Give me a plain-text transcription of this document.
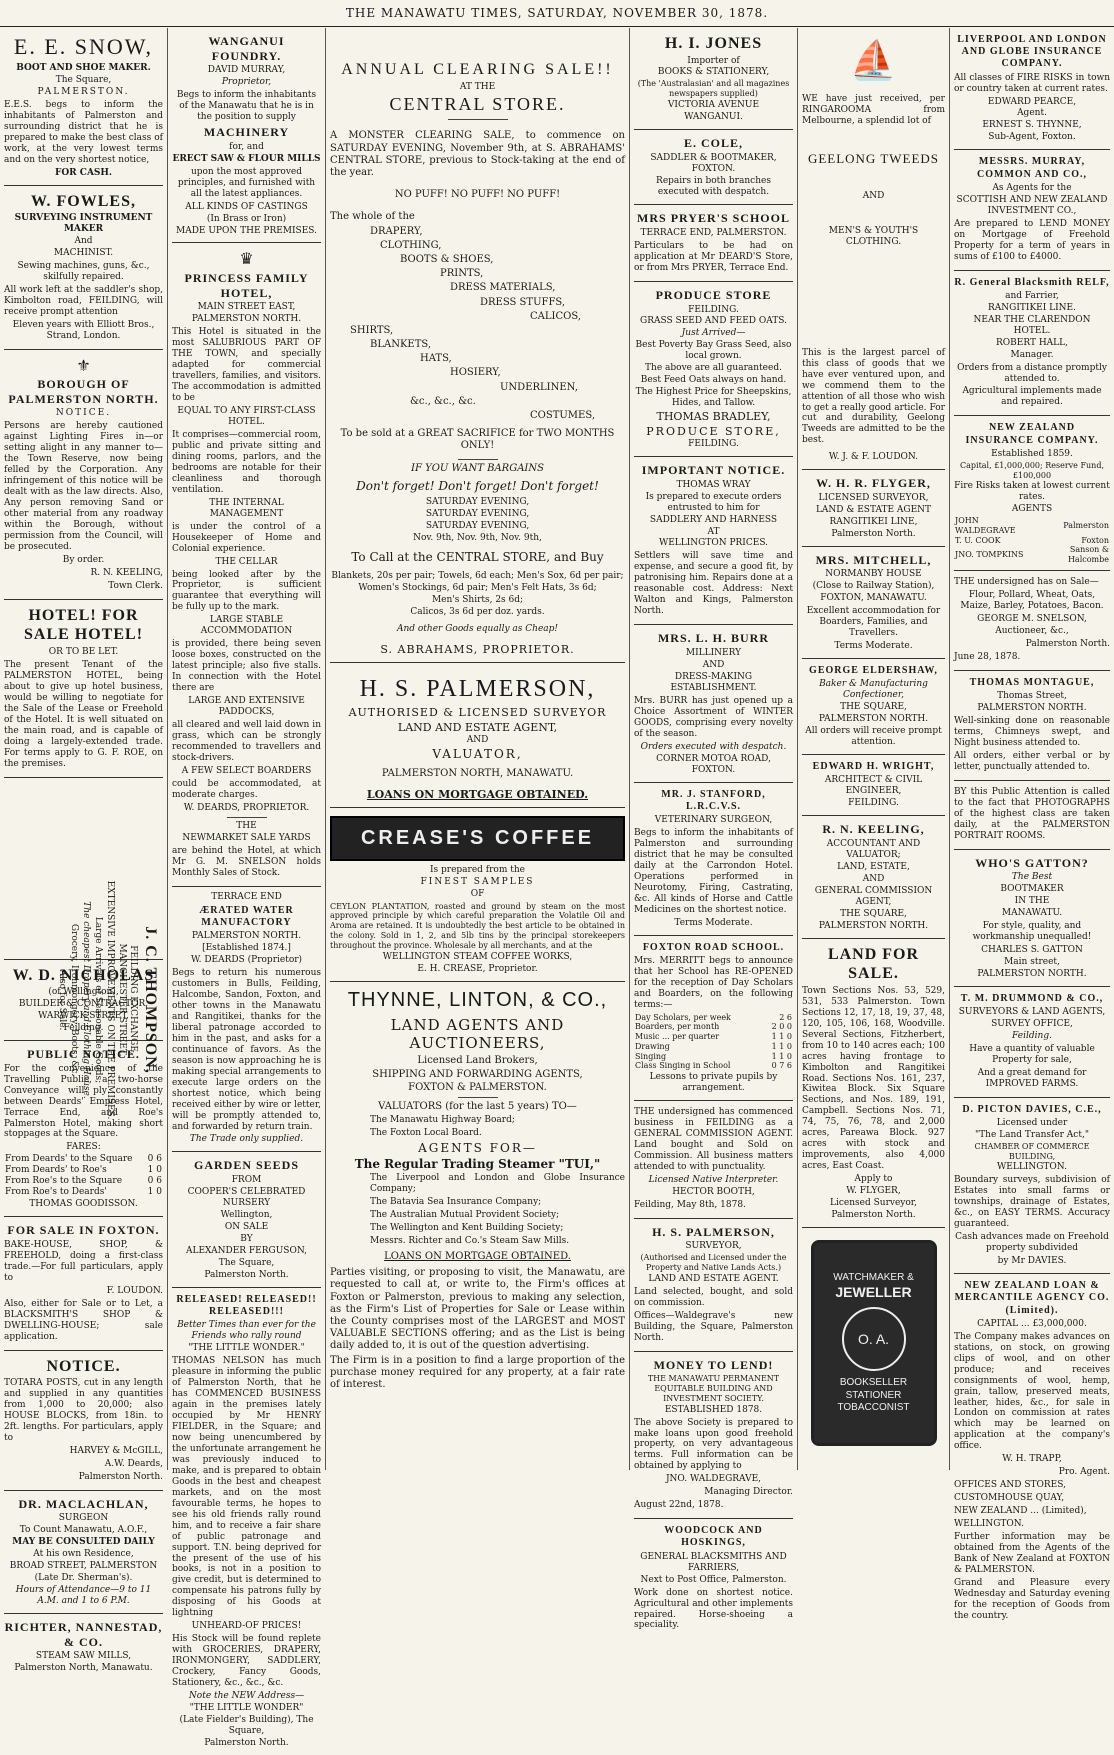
THE MANAWATU TIMES, SATURDAY, NOVEMBER 30, 1878.
E. E. SNOW,
BOOT AND SHOE MAKER.
The Square,
PALMERSTON.
E.E.S. begs to inform the inhabitants of Palmerston and surrounding district that he is prepared to make the best class of work, at the very lowest terms and on the very shortest notice,
FOR CASH.
W. FOWLES,
SURVEYING INSTRUMENT MAKER
And
MACHINIST.
Sewing machines, guns, &c., skilfully repaired.
All work left at the saddler's shop, Kimbolton road, FEILDING, will receive prompt attention
Eleven years with Elliott Bros., Strand, London.
⚜
BOROUGH OF PALMERSTON NORTH.
NOTICE.
Persons are hereby cautioned against Lighting Fires in—or setting alight in any manner to—the Town Reserve, now being felled by the Corporation. Any infringement of this notice will be dealt with as the law directs. Also, Any person removing Sand or other material from any roadway within the Borough, without permission from the Council, will be prosecuted.
By order.
R. N. KEELING,
Town Clerk.
HOTEL! FOR SALE HOTEL!
OR TO BE LET.
The present Tenant of the PALMERSTON HOTEL, being about to give up hotel business, would be willing to negotiate for the Sale of the Lease or Freehold of the Hotel. It is well situated on the main road, and is capable of doing a largely-extended trade. For terms apply to G. F. ROE, on the premises.
J. C. THOMPSON,
FEILDING EXCHANGE,
MANCHESTER STREET.
EXTENSIVE IMPROVEMENTS ON THE PREMISES.
Large Arrivals of Seasonable Goods;
The cheapest Drapery and Clothing House.
Grocery, Ironmongery, Boots, &c.
Also for Sale.
W. D. NICHOLAS
(of Wellington),
BUILDER & CONTRACTOR,
WARWICK STREET,
Feilding.
PUBLIC NOTICE.
For the convenience of the Travelling Public, a two-horse Conveyance will ply constantly between Deards' Empress Hotel, Terrace End, and Roe's Palmerston Hotel, making short stoppages at the Square.
FARES:
From Deards' to the Square	0 6
From Deards' to Roe's	1 0
From Roe's to the Square	0 6
From Roe's to Deards'	1 0
THOMAS GOODISSON.
FOR SALE IN FOXTON.
BAKE-HOUSE, SHOP, & FREEHOLD, doing a first-class trade.—For full particulars, apply to
F. LOUDON.
Also, either for Sale or to Let, a BLACKSMITH'S SHOP & DWELLING-HOUSE; sale application.
NOTICE.
TOTARA POSTS, cut in any length and supplied in any quantities from 1,000 to 20,000; also HOUSE BLOCKS, from 18in. to 2ft. lengths. For particulars, apply to
HARVEY & McGILL,
A.W. Deards,
Palmerston North.
DR. MACLACHLAN,
SURGEON
To Count Manawatu, A.O.F.,
MAY BE CONSULTED DAILY
At his own Residence,
BROAD STREET, PALMERSTON
(Late Dr. Sherman's).
Hours of Attendance—9 to 11 A.M. and 1 to 6 P.M.
RICHTER, NANNESTAD, & CO.
STEAM SAW MILLS,
Palmerston North, Manawatu.
WANGANUI FOUNDRY.
DAVID MURRAY,
Proprietor,
Begs to inform the inhabitants of the Manawatu that he is in the position to supply
MACHINERY
for, and
ERECT SAW & FLOUR MILLS
upon the most approved principles, and furnished with all the latest appliances.
ALL KINDS OF CASTINGS
(In Brass or Iron)
MADE UPON THE PREMISES.
♛
PRINCESS FAMILY HOTEL,
MAIN STREET EAST,
PALMERSTON NORTH.
This Hotel is situated in the most SALUBRIOUS PART OF THE TOWN, and specially adapted for commercial travellers, families, and visitors. The accommodation is admitted to be
EQUAL TO ANY FIRST-CLASS HOTEL.
It comprises—commercial room, public and private sitting and dining rooms, parlors, and the bedrooms are notable for their cleanliness and thorough ventilation.
THE INTERNAL MANAGEMENT
is under the control of a Housekeeper of Home and Colonial experience.
THE CELLAR
being looked after by the Proprietor, is sufficient guarantee that everything will be fully up to the mark.
LARGE STABLE ACCOMMODATION
is provided, there being seven loose boxes, constructed on the latest principle; also five stalls. In connection with the Hotel there are
LARGE AND EXTENSIVE PADDOCKS,
all cleared and well laid down in grass, which can be strongly recommended to travellers and stock-drivers.
A FEW SELECT BOARDERS
could be accommodated, at moderate charges.
W. DEARDS, PROPRIETOR.
THE
NEWMARKET SALE YARDS
are behind the Hotel, at which Mr G. M. SNELSON holds Monthly Sales of Stock.
TERRACE END
ÆRATED WATER MANUFACTORY
PALMERSTON NORTH.
[Established 1874.]
W. DEARDS (Proprietor)
Begs to return his numerous customers in Bulls, Feilding, Halcombe, Sandon, Foxton, and other towns in the Manawatu and Rangitikei, thanks for the liberal patronage accorded to him in the past, and asks for a continuance of favors. As the season is now approaching he is making special arrangements to execute large orders on the shortest notice, which being received either by wire or letter, will be promptly attended to, and forwarded by return train.
The Trade only supplied.
GARDEN SEEDS
FROM
COOPER'S CELEBRATED NURSERY
Wellington,
ON SALE
BY
ALEXANDER FERGUSON,
The Square,
Palmerston North.
RELEASED! RELEASED!! RELEASED!!!
Better Times than ever for the Friends who rally round
"THE LITTLE WONDER."
THOMAS NELSON has much pleasure in informing the public of Palmerston North, that he has COMMENCED BUSINESS again in the premises lately occupied by Mr HENRY FIELDER, in the Square; and now being unencumbered by the unfortunate arrangement he was previously induced to make, and is prepared to obtain Goods in the best and cheapest markets, and on the most favourable terms, he hopes to see his old friends rally round him, and to receive a fair share of public patronage and support. T.N. being deprived for the present of the use of his books, is not in a position to give credit, but is determined to compensate his patrons fully by disposing of his Goods at lightning
UNHEARD-OF PRICES!
His Stock will be found replete with GROCERIES, DRAPERY, IRONMONGERY, SADDLERY, Crockery, Fancy Goods, Stationery, &c., &c., &c.
Note the NEW Address—
"THE LITTLE WONDER"
(Late Fielder's Building), The Square,
Palmerston North.
ANNUAL CLEARING SALE!!
AT THE
CENTRAL STORE.
A MONSTER CLEARING SALE, to commence on SATURDAY EVENING, November 9th, at S. ABRAHAMS' CENTRAL STORE, previous to Stock-taking at the end of the year.
NO PUFF! NO PUFF! NO PUFF!
The whole of the
DRAPERY,
CLOTHING,
BOOTS & SHOES,
PRINTS,
DRESS MATERIALS,
DRESS STUFFS,
CALICOS,
SHIRTS,
BLANKETS,
HATS,
HOSIERY,
UNDERLINEN,
&c., &c., &c.
COSTUMES,
To be sold at a GREAT SACRIFICE for TWO MONTHS ONLY!
IF YOU WANT BARGAINS
Don't forget! Don't forget! Don't forget!
SATURDAY EVENING,
SATURDAY EVENING,
SATURDAY EVENING,
Nov. 9th, Nov. 9th, Nov. 9th,
To Call at the CENTRAL STORE, and Buy
Blankets, 20s per pair; Towels, 6d each; Men's Sox, 6d per pair;
Women's Stockings, 6d pair; Men's Felt Hats, 3s 6d;
Men's Shirts, 2s 6d;
Calicos, 3s 6d per doz. yards.
And other Goods equally as Cheap!
S. ABRAHAMS, PROPRIETOR.
H. S. PALMERSON,
AUTHORISED & LICENSED SURVEYOR
LAND AND ESTATE AGENT,
AND
VALUATOR,
PALMERSTON NORTH, MANAWATU.
LOANS ON MORTGAGE OBTAINED.
CREASE'S COFFEE
Is prepared from the
FINEST SAMPLES
OF
CEYLON PLANTATION, roasted and ground by steam on the most approved principle by which careful preparation the Volatile Oil and Aroma are retained. It is undoubtedly the best article to be obtained in the colony. Sold in 1, 2, and 5lb tins by the principal storekeepers throughout the province. Wholesale by all merchants, and at the
WELLINGTON STEAM COFFEE WORKS,
E. H. CREASE, Proprietor.
THYNNE, LINTON, & CO.,
LAND AGENTS AND AUCTIONEERS,
Licensed Land Brokers,
SHIPPING AND FORWARDING AGENTS,
FOXTON & PALMERSTON.
VALUATORS (for the last 5 years) TO—
The Manawatu Highway Board;
The Foxton Local Board.
AGENTS FOR—
The Regular Trading Steamer "TUI,"
The Liverpool and London and Globe Insurance Company;
The Batavia Sea Insurance Company;
The Australian Mutual Provident Society;
The Wellington and Kent Building Society;
Messrs. Richter and Co.'s Steam Saw Mills.
LOANS ON MORTGAGE OBTAINED.
Parties visiting, or proposing to visit, the Manawatu, are requested to call at, or write to, the Firm's offices at Foxton or Palmerston, previous to making any selection, as the Firm's List of Properties for Sale or Lease within the County comprises most of the LARGEST and MOST VALUABLE SECTIONS offering; and as the List is being daily added to, it is out of the question advertising.
The Firm is in a position to find a large proportion of the purchase money required for any property, at a fair rate of interest.
H. I. JONES
Importer of
BOOKS & STATIONERY,
(The 'Australasian' and all magazines newspapers supplied)
VICTORIA AVENUE
WANGANUI.
E. COLE,
SADDLER & BOOTMAKER,
FOXTON.
Repairs in both branches executed with despatch.
MRS PRYER'S SCHOOL
TERRACE END, PALMERSTON.
Particulars to be had on application at Mr DEARD'S Store, or from Mrs PRYER, Terrace End.
PRODUCE STORE
FEILDING.
GRASS SEED AND FEED OATS.
Just Arrived—
Best Poverty Bay Grass Seed, also local grown.
The above are all guaranteed.
Best Feed Oats always on hand.
The Highest Price for Sheepskins, Hides, and Tallow.
THOMAS BRADLEY,
PRODUCE STORE,
FEILDING.
IMPORTANT NOTICE.
THOMAS WRAY
Is prepared to execute orders entrusted to him for
SADDLERY AND HARNESS
AT
WELLINGTON PRICES.
Settlers will save time and expense, and secure a good fit, by patronising him. Repairs done at a reasonable cost. Address: Next Walton and Kings, Palmerston North.
MRS. L. H. BURR
MILLINERY
AND
DRESS-MAKING ESTABLISHMENT.
Mrs. BURR has just opened up a Choice Assortment of WINTER GOODS, comprising every novelty of the season.
Orders executed with despatch.
CORNER MOTOA ROAD, FOXTON.
MR. J. STANFORD, L.R.C.V.S.
VETERINARY SURGEON,
Begs to inform the inhabitants of Palmerston and surrounding district that he may be consulted daily at the Carrondon Hotel. Operations performed in Neurotomy, Firing, Castrating, &c. All kinds of Horse and Cattle Medicines on the shortest notice.
Terms Moderate.
FOXTON ROAD SCHOOL.
Mrs. MERRITT begs to announce that her School has RE-OPENED for the reception of Day Scholars and Boarders, on the following terms:—
Day Scholars, per week	2 6
Boarders, per month	2 0 0
Music ... per quarter	1 1 0
Drawing	1 1 0
Singing	1 1 0
Class Singing in School	0 7 6
Lessons to private pupils by arrangement.
THE undersigned has commenced business in FEILDING as a GENERAL COMMISSION AGENT. Land bought and Sold on Commission. All business matters attended to with punctuality.
Licensed Native Interpreter.
HECTOR BOOTH,
Feilding, May 8th, 1878.
H. S. PALMERSON,
SURVEYOR,
(Authorised and Licensed under the Property and Native Lands Acts.)
LAND AND ESTATE AGENT.
Land selected, bought, and sold on commission.
Offices—Waldegrave's new Building, the Square, Palmerston North.
MONEY TO LEND!
THE MANAWATU PERMANENT EQUITABLE BUILDING AND INVESTMENT SOCIETY.
ESTABLISHED 1878.
The above Society is prepared to make loans upon good freehold property, on very advantageous terms. Full information can be obtained by applying to
JNO. WALDEGRAVE,
Managing Director.
August 22nd, 1878.
WOODCOCK AND HOSKINGS,
GENERAL BLACKSMITHS AND FARRIERS,
Next to Post Office, Palmerston.
Work done on shortest notice. Agricultural and other implements repaired. Horse-shoeing a speciality.
⛵
WE have just received, per RINGAROOMA from Melbourne, a splendid lot of
GEELONG TWEEDS
AND
MEN'S & YOUTH'S CLOTHING.
This is the largest parcel of this class of goods that we have ever ventured upon, and we commend them to the attention of all those who wish to get a really good article. For cut and durability, Geelong Tweeds are admitted to be the best.
W. J. & F. LOUDON.
W. H. R. FLYGER,
LICENSED SURVEYOR,
LAND & ESTATE AGENT
RANGITIKEI LINE,
Palmerston North.
MRS. MITCHELL,
NORMANBY HOUSE
(Close to Railway Station),
FOXTON, MANAWATU.
Excellent accommodation for Boarders, Families, and Travellers.
Terms Moderate.
GEORGE ELDERSHAW,
Baker & Manufacturing Confectioner,
THE SQUARE,
PALMERSTON NORTH.
All orders will receive prompt attention.
EDWARD H. WRIGHT,
ARCHITECT & CIVIL ENGINEER,
FEILDING.
R. N. KEELING,
ACCOUNTANT AND VALUATOR;
LAND, ESTATE,
AND
GENERAL COMMISSION AGENT,
THE SQUARE,
PALMERSTON NORTH.
LAND FOR SALE.
Town Sections Nos. 53, 529, 531, 533 Palmerston. Town Sections 12, 17, 18, 19, 37, 48, 120, 105, 106, 168, Woodville. Several Sections, Fitzherbert, from 10 to 140 acres each; 100 acres having frontage to Kimbolton and Rangitikei Road. Sections Nos. 161, 237, Kiwitea Block. Six Square Sections, and Nos. 189, 191, Campbell. Sections Nos. 71, 74, 75, 76, 78, and 2,000 acres, Pareawa Block. 927 acres with stock and improvements, also 4,000 acres, East Coast.
Apply to
W. FLYGER,
Licensed Surveyor,
Palmerston North.
WATCHMAKER &
JEWELLER
O. A.
BOOKSELLER
STATIONER
TOBACCONIST
LIVERPOOL AND LONDON AND GLOBE INSURANCE COMPANY.
All classes of FIRE RISKS in town or country taken at current rates.
EDWARD PEARCE,
Agent.
ERNEST S. THYNNE,
Sub-Agent, Foxton.
MESSRS. MURRAY, COMMON AND CO.,
As Agents for the
SCOTTISH AND NEW ZEALAND INVESTMENT CO.,
Are prepared to LEND MONEY on Mortgage of Freehold Property for a term of years in sums of £100 to £4000.
R. General Blacksmith RELF,
and Farrier,
RANGITIKEI LINE.
NEAR THE CLARENDON HOTEL.
ROBERT HALL,
Manager.
Orders from a distance promptly attended to.
Agricultural implements made and repaired.
NEW ZEALAND INSURANCE COMPANY.
Established 1859.
Capital, £1,000,000; Reserve Fund, £100,000
Fire Risks taken at lowest current rates.
AGENTS
JOHN WALDEGRAVE	Palmerston
T. U. COOK	Foxton
JNO. TOMPKINS	Sanson & Halcombe
THE undersigned has on Sale—
Flour, Pollard, Wheat, Oats, Maize, Barley, Potatoes, Bacon.
GEORGE M. SNELSON,
Auctioneer, &c.,
Palmerston North.
June 28, 1878.
THOMAS MONTAGUE,
Thomas Street,
PALMERSTON NORTH.
Well-sinking done on reasonable terms, Chimneys swept, and Night business attended to.
All orders, either verbal or by letter, punctually attended to.
BY this Public Attention is called to the fact that PHOTOGRAPHS of the highest class are taken daily, at the PALMERSTON PORTRAIT ROOMS.
WHO'S GATTON?
The Best
BOOTMAKER
IN THE
MANAWATU.
For style, quality, and workmanship unequalled!
CHARLES S. GATTON
Main street,
PALMERSTON NORTH.
T. M. DRUMMOND & CO.,
SURVEYORS & LAND AGENTS,
SURVEY OFFICE,
Feilding.
Have a quantity of valuable Property for sale,
And a great demand for IMPROVED FARMS.
D. PICTON DAVIES, C.E.,
Licensed under
"The Land Transfer Act,"
CHAMBER OF COMMERCE BUILDING,
WELLINGTON.
Boundary surveys, subdivision of Estates into small farms or townships, drainage of Estates, &c., on EASY TERMS. Accuracy guaranteed.
Cash advances made on Freehold property subdivided
by Mr DAVIES.
NEW ZEALAND LOAN & MERCANTILE AGENCY CO. (Limited).
CAPITAL ... £3,000,000.
The Company makes advances on stations, on stock, on growing clips of wool, and on other produce; and receives consignments of wool, hemp, grain, tallow, preserved meats, leather, hides, &c., for sale in London on commission at rates which may be learned on application at the company's office.
W. H. TRAPP,
Pro. Agent.
OFFICES AND STORES,
CUSTOMHOUSE QUAY,
NEW ZEALAND ... (Limited),
WELLINGTON.
Further information may be obtained from the Agents of the Bank of New Zealand at FOXTON & PALMERSTON.
Grand and Pleasure every Wednesday and Saturday evening for the reception of Goods from the country.
